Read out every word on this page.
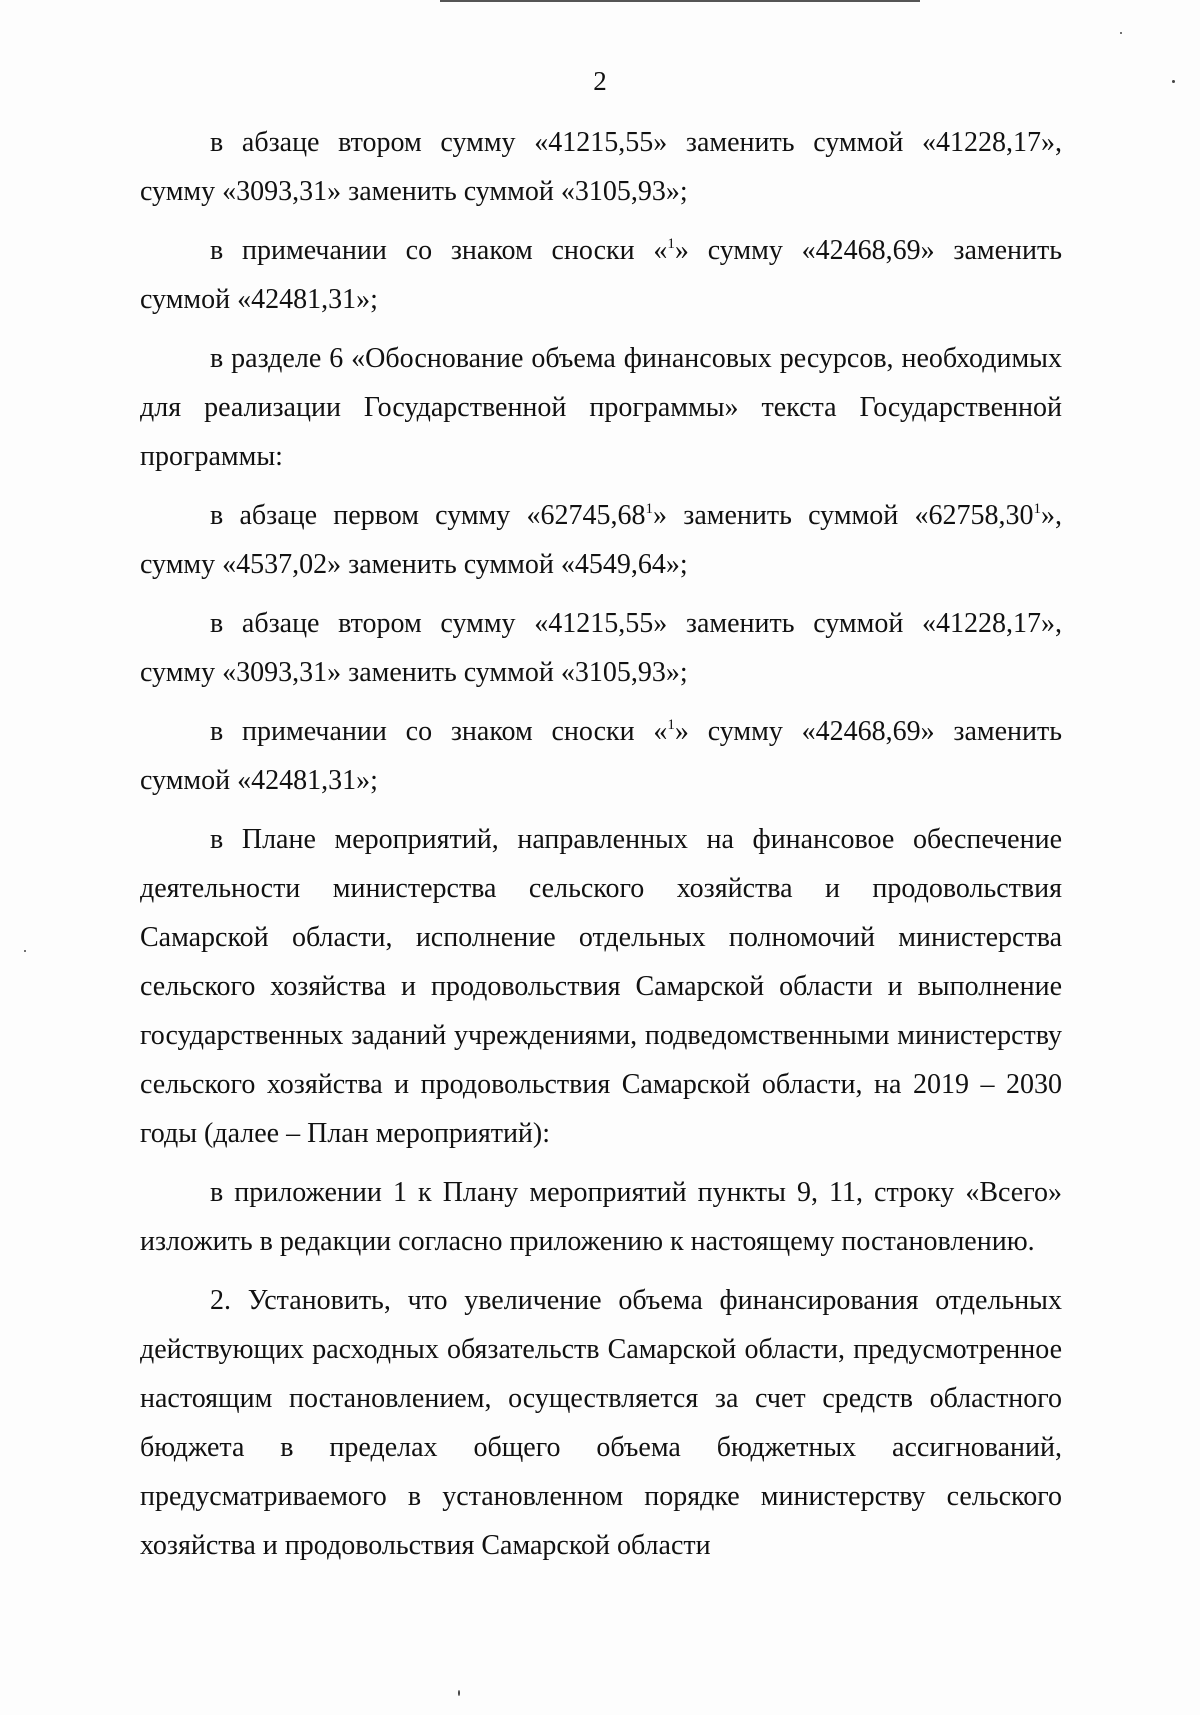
2

в абзаце втором сумму «41215,55» заменить суммой «41228,17», сумму «3093,31» заменить суммой «3105,93»;

в примечании со знаком сноски «$^1$» сумму «42468,69» заменить суммой «42481,31»;

в разделе 6 «Обоснование объема финансовых ресурсов, необходимых для реализации Государственной программы» текста Государственной программы:

в абзаце первом сумму «62745,68$^1$» заменить суммой «62758,30$^1$», сумму «4537,02» заменить суммой «4549,64»;

в абзаце втором сумму «41215,55» заменить суммой «41228,17», сумму «3093,31» заменить суммой «3105,93»;

в примечании со знаком сноски «$^1$» сумму «42468,69» заменить суммой «42481,31»;

в Плане мероприятий, направленных на финансовое обеспечение деятельности министерства сельского хозяйства и продовольствия Самарской области, исполнение отдельных полномочий министерства сельского хозяйства и продовольствия Самарской области и выполнение государственных заданий учреждениями, подведомственными министерству сельского хозяйства и продовольствия Самарской области, на 2019 – 2030 годы (далее – План мероприятий):

в приложении 1 к Плану мероприятий пункты 9, 11, строку «Всего» изложить в редакции согласно приложению к настоящему постановлению.

2. Установить, что увеличение объема финансирования отдельных действующих расходных обязательств Самарской области, предусмотренное настоящим постановлением, осуществляется за счет средств областного бюджета в пределах общего объема бюджетных ассигнований, предусматриваемого в установленном порядке министерству сельского хозяйства и продовольствия Самарской области
